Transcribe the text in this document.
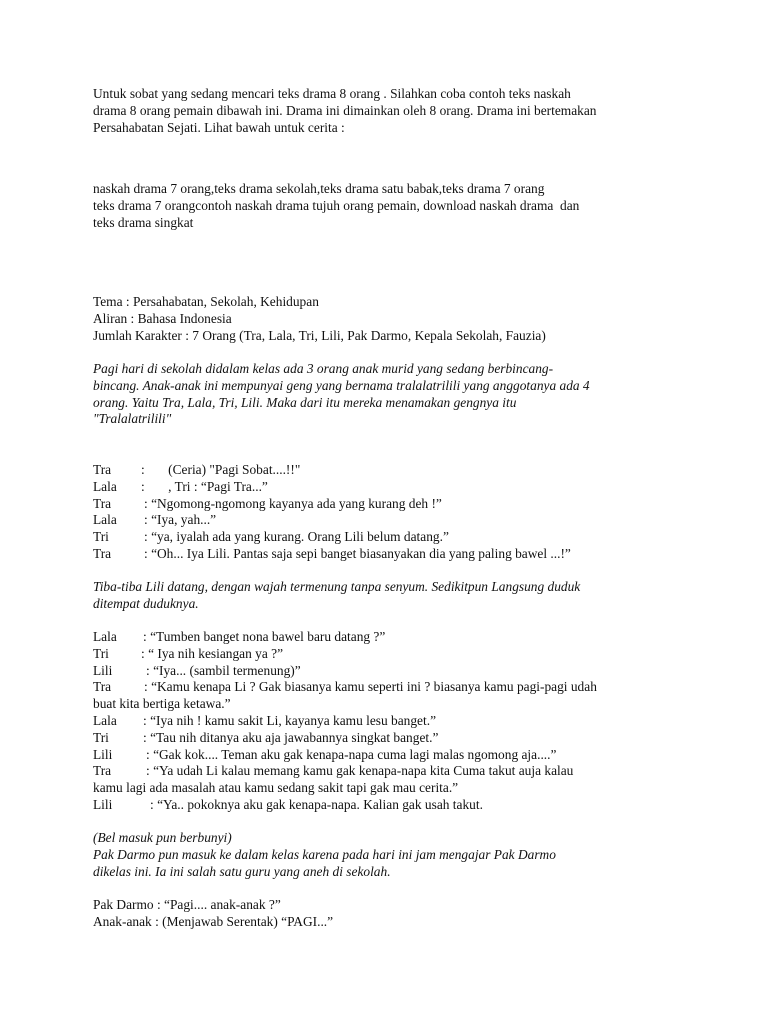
Untuk sobat yang sedang mencari teks drama 8 orang . Silahkan coba contoh teks naskah
drama 8 orang pemain dibawah ini. Drama ini dimainkan oleh 8 orang. Drama ini bertemakan
Persahabatan Sejati. Lihat bawah untuk cerita :
naskah drama 7 orang,teks drama sekolah,teks drama satu babak,teks drama 7 orang
teks drama 7 orangcontoh naskah drama tujuh orang pemain, download naskah drama  dan
teks drama singkat
Tema : Persahabatan, Sekolah, Kehidupan
Aliran : Bahasa Indonesia
Jumlah Karakter : 7 Orang (Tra, Lala, Tri, Lili, Pak Darmo, Kepala Sekolah, Fauzia)
Pagi hari di sekolah didalam kelas ada 3 orang anak murid yang sedang berbincang-
bincang. Anak-anak ini mempunyai geng yang bernama tralalatrilili yang anggotanya ada 4
orang. Yaitu Tra, Lala, Tri, Lili. Maka dari itu mereka menamakan gengnya itu
"Tralalatrilili"
Tra :       (Ceria) "Pagi Sobat....!!"
Lala :       , Tri : “Pagi Tra...”
Tra : “Ngomong-ngomong kayanya ada yang kurang deh !”
Lala : “Iya, yah...”
Tri	: “ya, iyalah ada yang kurang. Orang Lili belum datang.”
Tra : “Oh... Iya Lili. Pantas saja sepi banget biasanyakan dia yang paling bawel ...!”
Tiba-tiba Lili datang, dengan wajah termenung tanpa senyum. Sedikitpun Langsung duduk
ditempat duduknya.
Lala : “Tumben banget nona bawel baru datang ?”
Tri : “ Iya nih kesiangan ya ?”
Lili	: “Iya... (sambil termenung)”
Tra : “Kamu kenapa Li ? Gak biasanya kamu seperti ini ? biasanya kamu pagi-pagi udah
buat kita bertiga ketawa.”
Lala : “Iya nih ! kamu sakit Li, kayanya kamu lesu banget.”
Tri	: “Tau nih ditanya aku aja jawabannya singkat banget.”
Lili	: “Gak kok.... Teman aku gak kenapa-napa cuma lagi malas ngomong aja....”
Tra	: “Ya udah Li kalau memang kamu gak kenapa-napa kita Cuma takut auja kalau
kamu lagi ada masalah atau kamu sedang sakit tapi gak mau cerita.”
Lili	: “Ya.. pokoknya aku gak kenapa-napa. Kalian gak usah takut.
(Bel masuk pun berbunyi)
Pak Darmo pun masuk ke dalam kelas karena pada hari ini jam mengajar Pak Darmo
dikelas ini. Ia ini salah satu guru yang aneh di sekolah.
Pak Darmo : “Pagi.... anak-anak ?”
Anak-anak : (Menjawab Serentak) “PAGI...”
